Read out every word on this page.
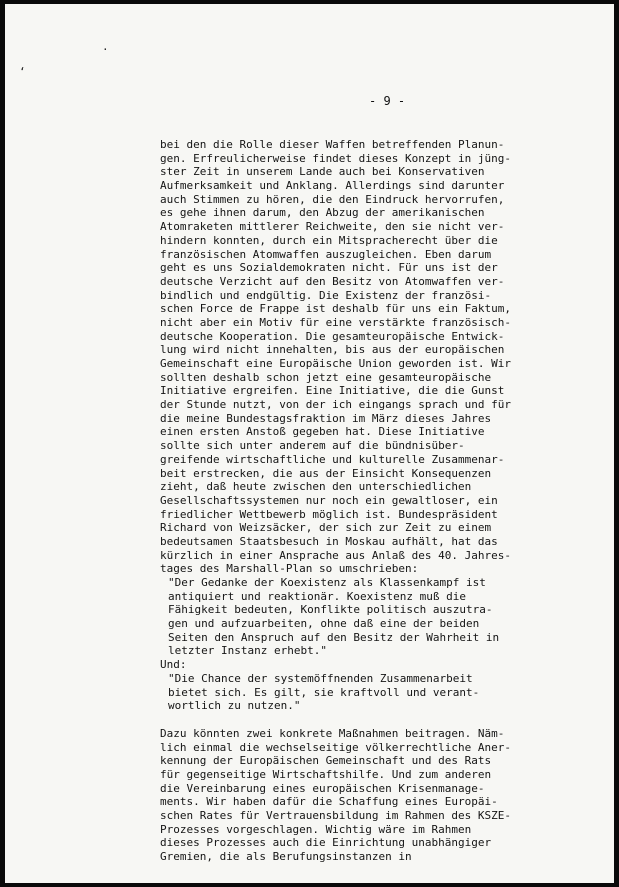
·
‘
- 9 -
bei den die Rolle dieser Waffen betreffenden Planun-
gen. Erfreulicherweise findet dieses Konzept in jüng-
ster Zeit in unserem Lande auch bei Konservativen
Aufmerksamkeit und Anklang. Allerdings sind darunter
auch Stimmen zu hören, die den Eindruck hervorrufen,
es gehe ihnen darum, den Abzug der amerikanischen
Atomraketen mittlerer Reichweite, den sie nicht ver-
hindern konnten, durch ein Mitspracherecht über die
französischen Atomwaffen auszugleichen. Eben darum
geht es uns Sozialdemokraten nicht. Für uns ist der
deutsche Verzicht auf den Besitz von Atomwaffen ver-
bindlich und endgültig. Die Existenz der französi-
schen Force de Frappe ist deshalb für uns ein Faktum,
nicht aber ein Motiv für eine verstärkte französisch-
deutsche Kooperation. Die gesamteuropäische Entwick-
lung wird nicht innehalten, bis aus der europäischen
Gemeinschaft eine Europäische Union geworden ist. Wir
sollten deshalb schon jetzt eine gesamteuropäische
Initiative ergreifen. Eine Initiative, die die Gunst
der Stunde nutzt, von der ich eingangs sprach und für
die meine Bundestagsfraktion im März dieses Jahres
einen ersten Anstoß gegeben hat. Diese Initiative
sollte sich unter anderem auf die bündnisüber-
greifende wirtschaftliche und kulturelle Zusammenar-
beit erstrecken, die aus der Einsicht Konsequenzen
zieht, daß heute zwischen den unterschiedlichen
Gesellschaftssystemen nur noch ein gewaltloser, ein
friedlicher Wettbewerb möglich ist. Bundespräsident
Richard von Weizsäcker, der sich zur Zeit zu einem
bedeutsamen Staatsbesuch in Moskau aufhält, hat das
kürzlich in einer Ansprache aus Anlaß des 40. Jahres-
tages des Marshall-Plan so umschrieben:
"Der Gedanke der Koexistenz als Klassenkampf ist
antiquiert und reaktionär. Koexistenz muß die
Fähigkeit bedeuten, Konflikte politisch auszutra-
gen und aufzuarbeiten, ohne daß eine der beiden
Seiten den Anspruch auf den Besitz der Wahrheit in
letzter Instanz erhebt."
Und:
"Die Chance der systemöffnenden Zusammenarbeit
bietet sich. Es gilt, sie kraftvoll und verant-
wortlich zu nutzen."
Dazu könnten zwei konkrete Maßnahmen beitragen. Näm-
lich einmal die wechselseitige völkerrechtliche Aner-
kennung der Europäischen Gemeinschaft und des Rats
für gegenseitige Wirtschaftshilfe. Und zum anderen
die Vereinbarung eines europäischen Krisenmanage-
ments. Wir haben dafür die Schaffung eines Europäi-
schen Rates für Vertrauensbildung im Rahmen des KSZE-
Prozesses vorgeschlagen. Wichtig wäre im Rahmen
dieses Prozesses auch die Einrichtung unabhängiger
Gremien, die als Berufungsinstanzen in
